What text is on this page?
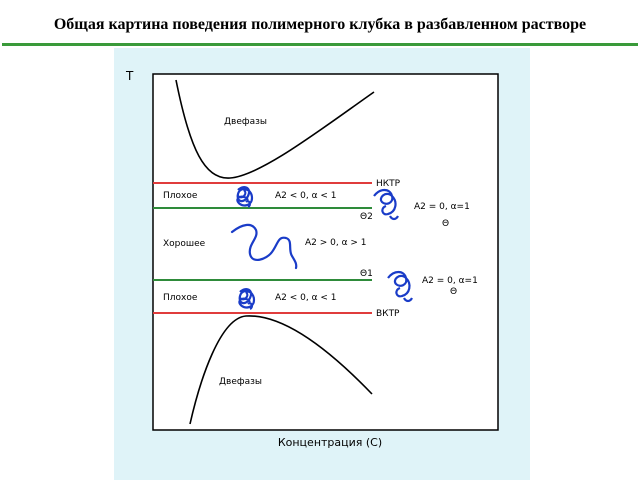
Общая картина поведения полимерного клубка в разбавленном растворе
T
Концентрация (C)
Двефазы
Двефазы
НКТР
ВКТР
Θ2
Θ1
Плохое	A2 < 0, α < 1
Хорошее	A2 > 0, α > 1
Плохое	A2 < 0, α < 1
A2 = 0, α=1
Θ
A2 = 0, α=1
Θ
